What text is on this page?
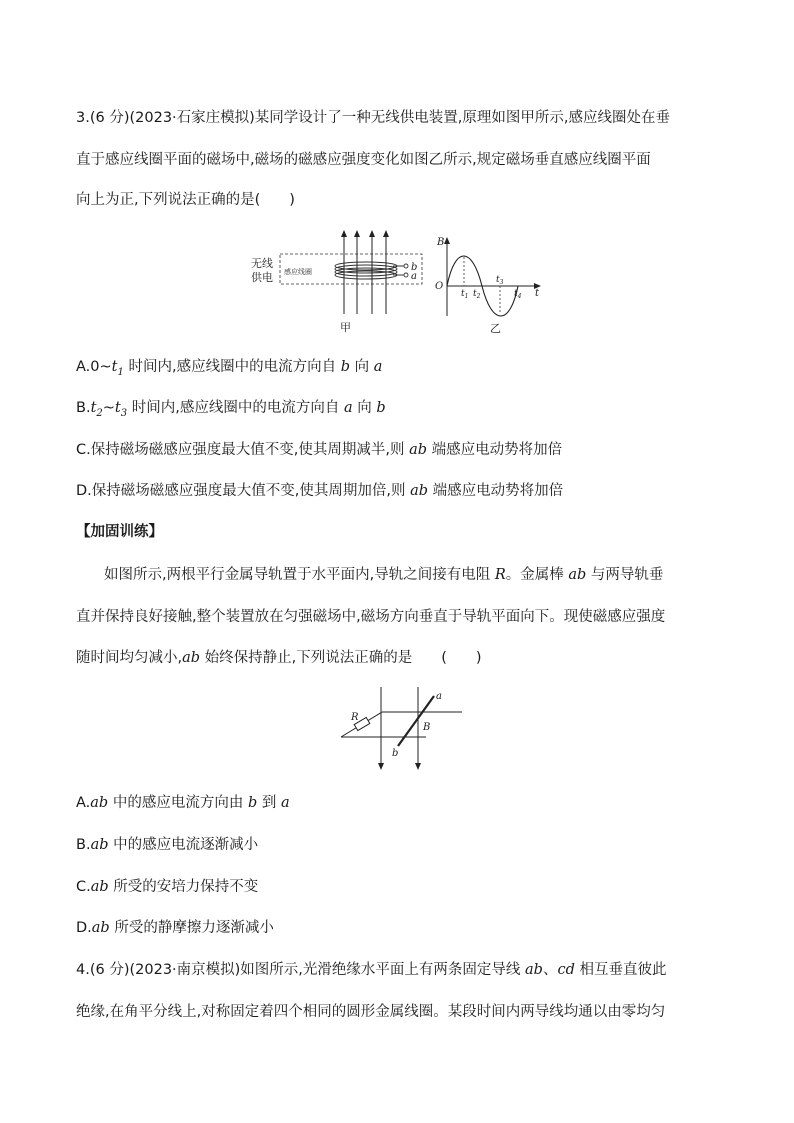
3.(6 分)(2023·石家庄模拟)某同学设计了一种无线供电装置,原理如图甲所示,感应线圈处在垂
直于感应线圈平面的磁场中,磁场的磁感应强度变化如图乙所示,规定磁场垂直感应线圈平面
向上为正,下列说法正确的是(　　)
无线
供电 感应线圈	b
a
甲
B
O
$t_1$ $t_2$
$t_3$
$t_4$ t
乙
$A.0\sim t_1$ 时间内,感应线圈中的电流方向自 b 向 a
$B.t_2\sim t_3$ 时间内,感应线圈中的电流方向自 a 向 b
C.保持磁场磁感应强度最大值不变,使其周期减半,则 ab 端感应电动势将加倍
D.保持磁场磁感应强度最大值不变,使其周期加倍,则 ab 端感应电动势将加倍
【加固训练】
如图所示,两根平行金属导轨置于水平面内,导轨之间接有电阻 R。金属棒 ab 与两导轨垂
直并保持良好接触,整个装置放在匀强磁场中,磁场方向垂直于导轨平面向下。现使磁感应强度
随时间均匀减小,ab 始终保持静止,下列说法正确的是　　(　　)
R
a
B
b
A.ab 中的感应电流方向由 b 到 a
B.ab 中的感应电流逐渐减小
C.ab 所受的安培力保持不变
D.ab 所受的静摩擦力逐渐减小
4.(6 分)(2023·南京模拟)如图所示,光滑绝缘水平面上有两条固定导线 ab、cd 相互垂直彼此
绝缘,在角平分线上,对称固定着四个相同的圆形金属线圈。某段时间内两导线均通以由零均匀
